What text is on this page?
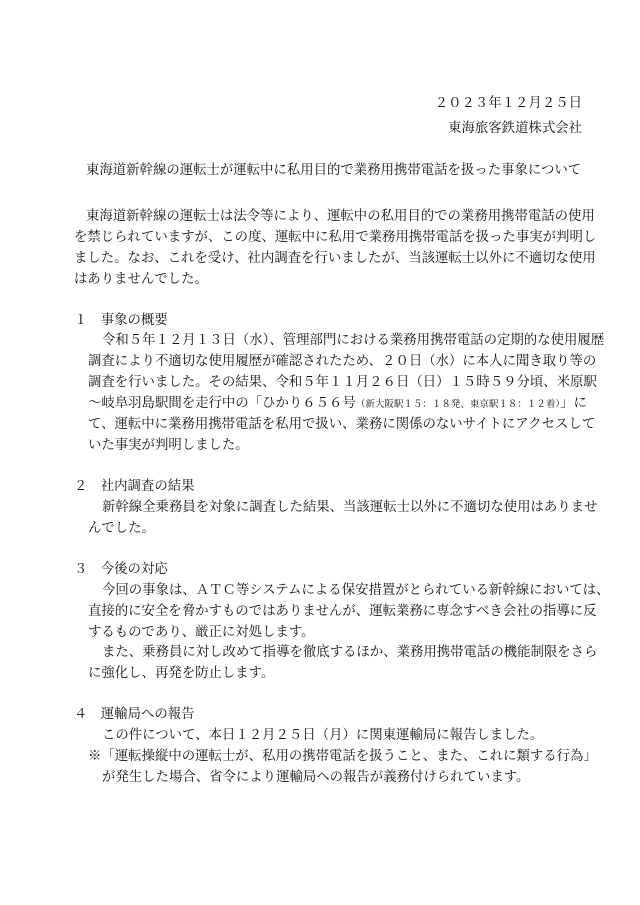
２０２３年１２月２５日
東海旅客鉄道株式会社
東海道新幹線の運転士が運転中に私用目的で業務用携帯電話を扱った事象について
東海道新幹線の運転士は法令等により、運転中の私用目的での業務用携帯電話の使用
を禁じられていますが、この度、運転中に私用で業務用携帯電話を扱った事実が判明し
ました。なお、これを受け、社内調査を行いましたが、当該運転士以外に不適切な使用
はありませんでした。
１　事象の概要
令和５年１２月１３日（水）、管理部門における業務用携帯電話の定期的な使用履歴
調査により不適切な使用履歴が確認されたため、２０日（水）に本人に聞き取り等の
調査を行いました。その結果、令和５年１１月２６日（日）１５時５９分頃、米原駅
～岐阜羽島駅間を走行中の「ひかり６５６号（新大阪駅１５：１８発、東京駅１８：１２着）」に
て、運転中に業務用携帯電話を私用で扱い、業務に関係のないサイトにアクセスして
いた事実が判明しました。
２　社内調査の結果
新幹線全乗務員を対象に調査した結果、当該運転士以外に不適切な使用はありませ
んでした。
３　今後の対応
今回の事象は、ＡＴＣ等システムによる保安措置がとられている新幹線においては、
直接的に安全を脅かすものではありませんが、運転業務に専念すべき会社の指導に反
するものであり、厳正に対処します。
また、乗務員に対し改めて指導を徹底するほか、業務用携帯電話の機能制限をさら
に強化し、再発を防止します。
４　運輸局への報告
この件について、本日１２月２５日（月）に関東運輸局に報告しました。
※「運転操縦中の運転士が、私用の携帯電話を扱うこと、また、これに類する行為」
が発生した場合、省令により運輸局への報告が義務付けられています。
